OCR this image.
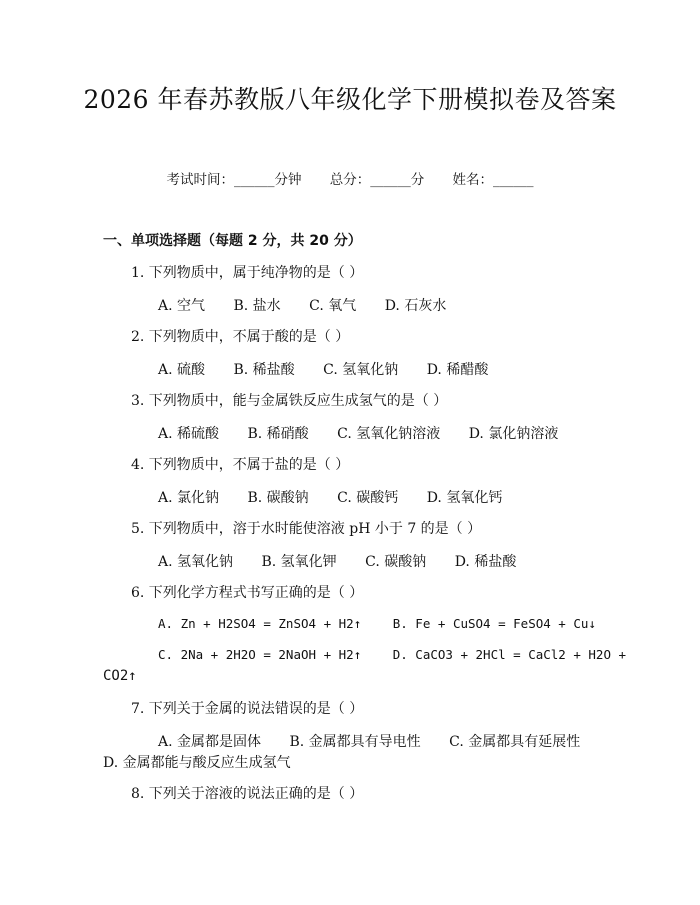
2026 年春苏教版八年级化学下册模拟卷及答案
考试时间：______分钟 总分：______分 姓名：______
一、单项选择题（每题 2 分，共 20 分）
1. 下列物质中，属于纯净物的是（ ）
A. 空气 B. 盐水 C. 氧气 D. 石灰水
2. 下列物质中，不属于酸的是（ ）
A. 硫酸 B. 稀盐酸 C. 氢氧化钠 D. 稀醋酸
3. 下列物质中，能与金属铁反应生成氢气的是（ ）
A. 稀硫酸 B. 稀硝酸 C. 氢氧化钠溶液 D. 氯化钠溶液
4. 下列物质中，不属于盐的是（ ）
A. 氯化钠 B. 碳酸钠 C. 碳酸钙 D. 氢氧化钙
5. 下列物质中，溶于水时能使溶液 pH 小于 7 的是（ ）
A. 氢氧化钠 B. 氢氧化钾 C. 碳酸钠 D. 稀盐酸
6. 下列化学方程式书写正确的是（ ）
A. Zn + H2SO4 = ZnSO4 + H2↑	B. Fe + CuSO4 = FeSO4 + Cu↓
C. 2Na + 2H2O = 2NaOH + H2↑	D. CaCO3 + 2HCl = CaCl2 + H2O +
CO2↑
7. 下列关于金属的说法错误的是（ ）
A. 金属都是固体 B. 金属都具有导电性 C. 金属都具有延展性
D. 金属都能与酸反应生成氢气
8. 下列关于溶液的说法正确的是（ ）
